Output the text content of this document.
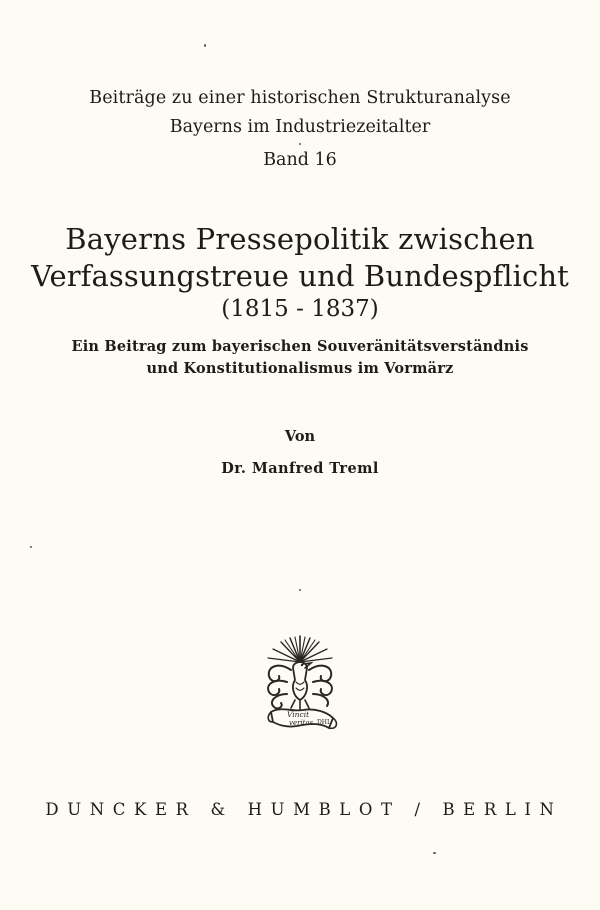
Beiträge zu einer historischen Strukturanalyse
Bayerns im Industriezeitalter
Band 16
Bayerns Pressepolitik zwischen
Verfassungstreue und Bundespflicht
(1815 - 1837)
Ein Beitrag zum bayerischen Souveränitätsverständnis
und Konstitutionalismus im Vormärz
Von
Dr. Manfred Treml
Vincit
veritas DHL
DUNCKER & HUMBLOT / BERLIN
